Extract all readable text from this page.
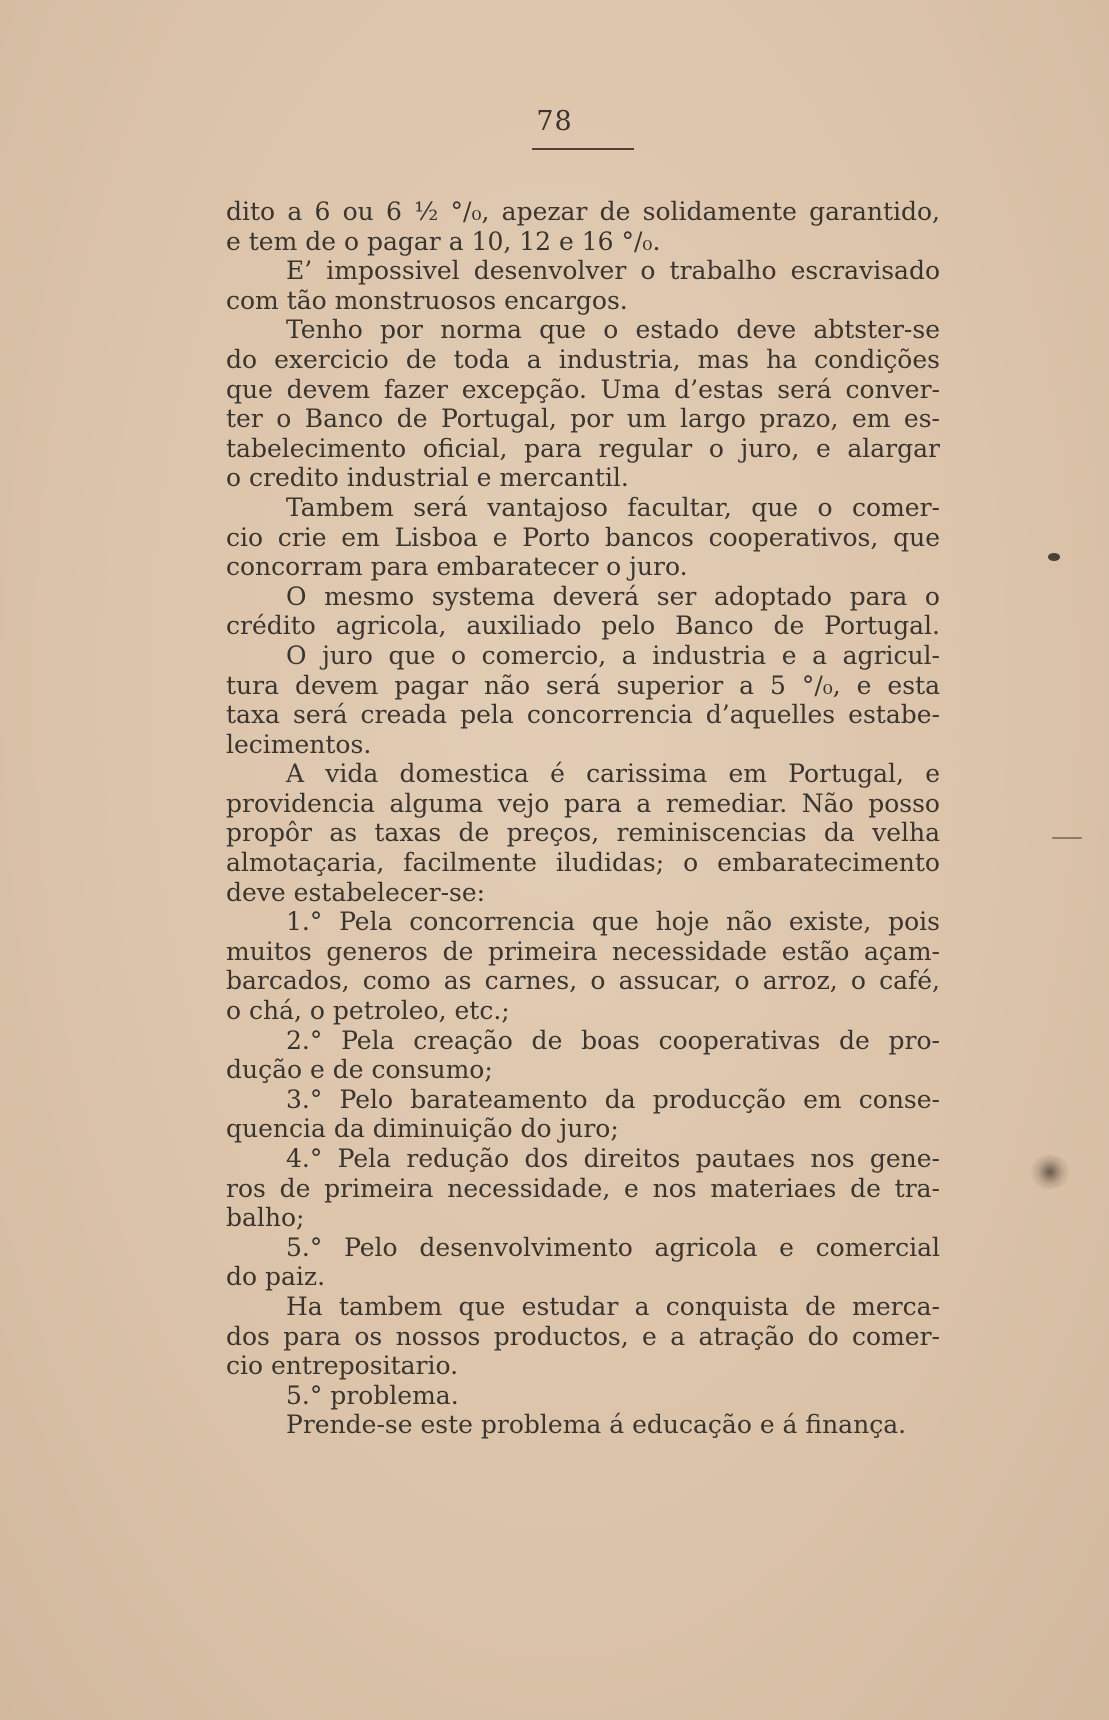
78
dito a 6 ou 6 ½ °/₀, apezar de solidamente garantido,
e tem de o pagar a 10, 12 e 16 °/₀.
E’ impossivel desenvolver o trabalho escravisado
com tão monstruosos encargos.
Tenho por norma que o estado deve abtster-se
do exercicio de toda a industria, mas ha condições
que devem fazer excepção. Uma d’estas será conver-
ter o Banco de Portugal, por um largo prazo, em es-
tabelecimento oficial, para regular o juro, e alargar
o credito industrial e mercantil.
Tambem será vantajoso facultar, que o comer-
cio crie em Lisboa e Porto bancos cooperativos, que
concorram para embaratecer o juro.
O mesmo systema deverá ser adoptado para o
crédito agricola, auxiliado pelo Banco de Portugal.
O juro que o comercio, a industria e a agricul-
tura devem pagar não será superior a 5 °/₀, e esta
taxa será creada pela concorrencia d’aquelles estabe-
lecimentos.
A vida domestica é carissima em Portugal, e
providencia alguma vejo para a remediar. Não posso
propôr as taxas de preços, reminiscencias da velha
almotaçaria, facilmente iludidas; o embaratecimento
deve estabelecer-se:
1.° Pela concorrencia que hoje não existe, pois
muitos generos de primeira necessidade estão açam-
barcados, como as carnes, o assucar, o arroz, o café,
o chá, o petroleo, etc.;
2.° Pela creação de boas cooperativas de pro-
dução e de consumo;
3.° Pelo barateamento da producção em conse-
quencia da diminuição do juro;
4.° Pela redução dos direitos pautaes nos gene-
ros de primeira necessidade, e nos materiaes de tra-
balho;
5.° Pelo desenvolvimento agricola e comercial
do paiz.
Ha tambem que estudar a conquista de merca-
dos para os nossos productos, e a atração do comer-
cio entrepositario.
5.° problema.
Prende-se este problema á educação e á finança.
